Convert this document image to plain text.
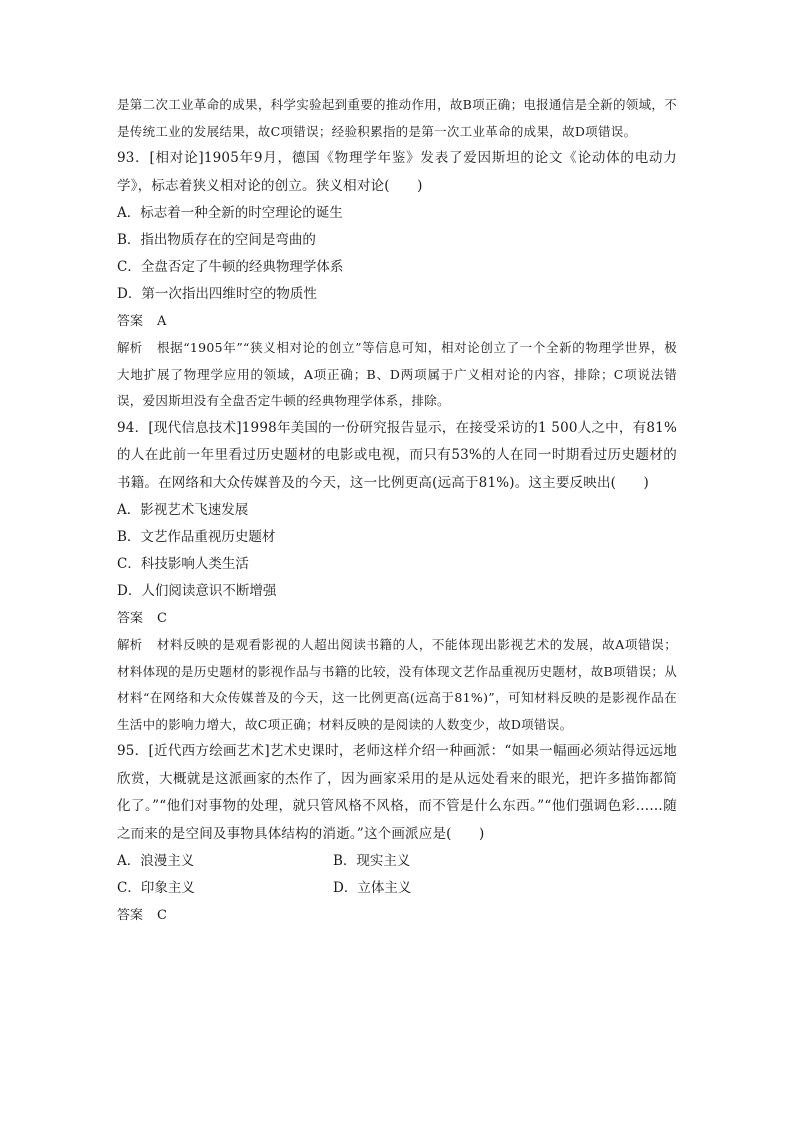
是第二次工业革命的成果，科学实验起到重要的推动作用，故B项正确；电报通信是全新的领域，不是传统工业的发展结果，故C项错误；经验积累指的是第一次工业革命的成果，故D项错误。

93．[相对论]1905年9月，德国《物理学年鉴》发表了爱因斯坦的论文《论动体的电动力学》，标志着狭义相对论的创立。狭义相对论(　　)

A．标志着一种全新的时空理论的诞生

B．指出物质存在的空间是弯曲的

C．全盘否定了牛顿的经典物理学体系

D．第一次指出四维时空的物质性

答案 A

解析 根据“1905年”“狭义相对论的创立”等信息可知，相对论创立了一个全新的物理学世界，极大地扩展了物理学应用的领域，A项正确；B、D两项属于广义相对论的内容，排除；C项说法错误，爱因斯坦没有全盘否定牛顿的经典物理学体系，排除。

94．[现代信息技术]1998年美国的一份研究报告显示，在接受采访的1 500人之中，有81%的人在此前一年里看过历史题材的电影或电视，而只有53%的人在同一时期看过历史题材的书籍。在网络和大众传媒普及的今天，这一比例更高(远高于81%)。这主要反映出(　　)

A．影视艺术飞速发展

B．文艺作品重视历史题材

C．科技影响人类生活

D．人们阅读意识不断增强

答案 C

解析 材料反映的是观看影视的人超出阅读书籍的人，不能体现出影视艺术的发展，故A项错误；材料体现的是历史题材的影视作品与书籍的比较，没有体现文艺作品重视历史题材，故B项错误；从材料“在网络和大众传媒普及的今天，这一比例更高(远高于81%)”，可知材料反映的是影视作品在生活中的影响力增大，故C项正确；材料反映的是阅读的人数变少，故D项错误。

95．[近代西方绘画艺术]艺术史课时，老师这样介绍一种画派：“如果一幅画必须站得远远地欣赏，大概就是这派画家的杰作了，因为画家采用的是从远处看来的眼光，把许多描饰都简化了。”“他们对事物的处理，就只管风格不风格，而不管是什么东西。”“他们强调色彩……随之而来的是空间及事物具体结构的消逝。”这个画派应是(　　)

A．浪漫主义	B．现实主义
C．印象主义	D．立体主义

答案 C
